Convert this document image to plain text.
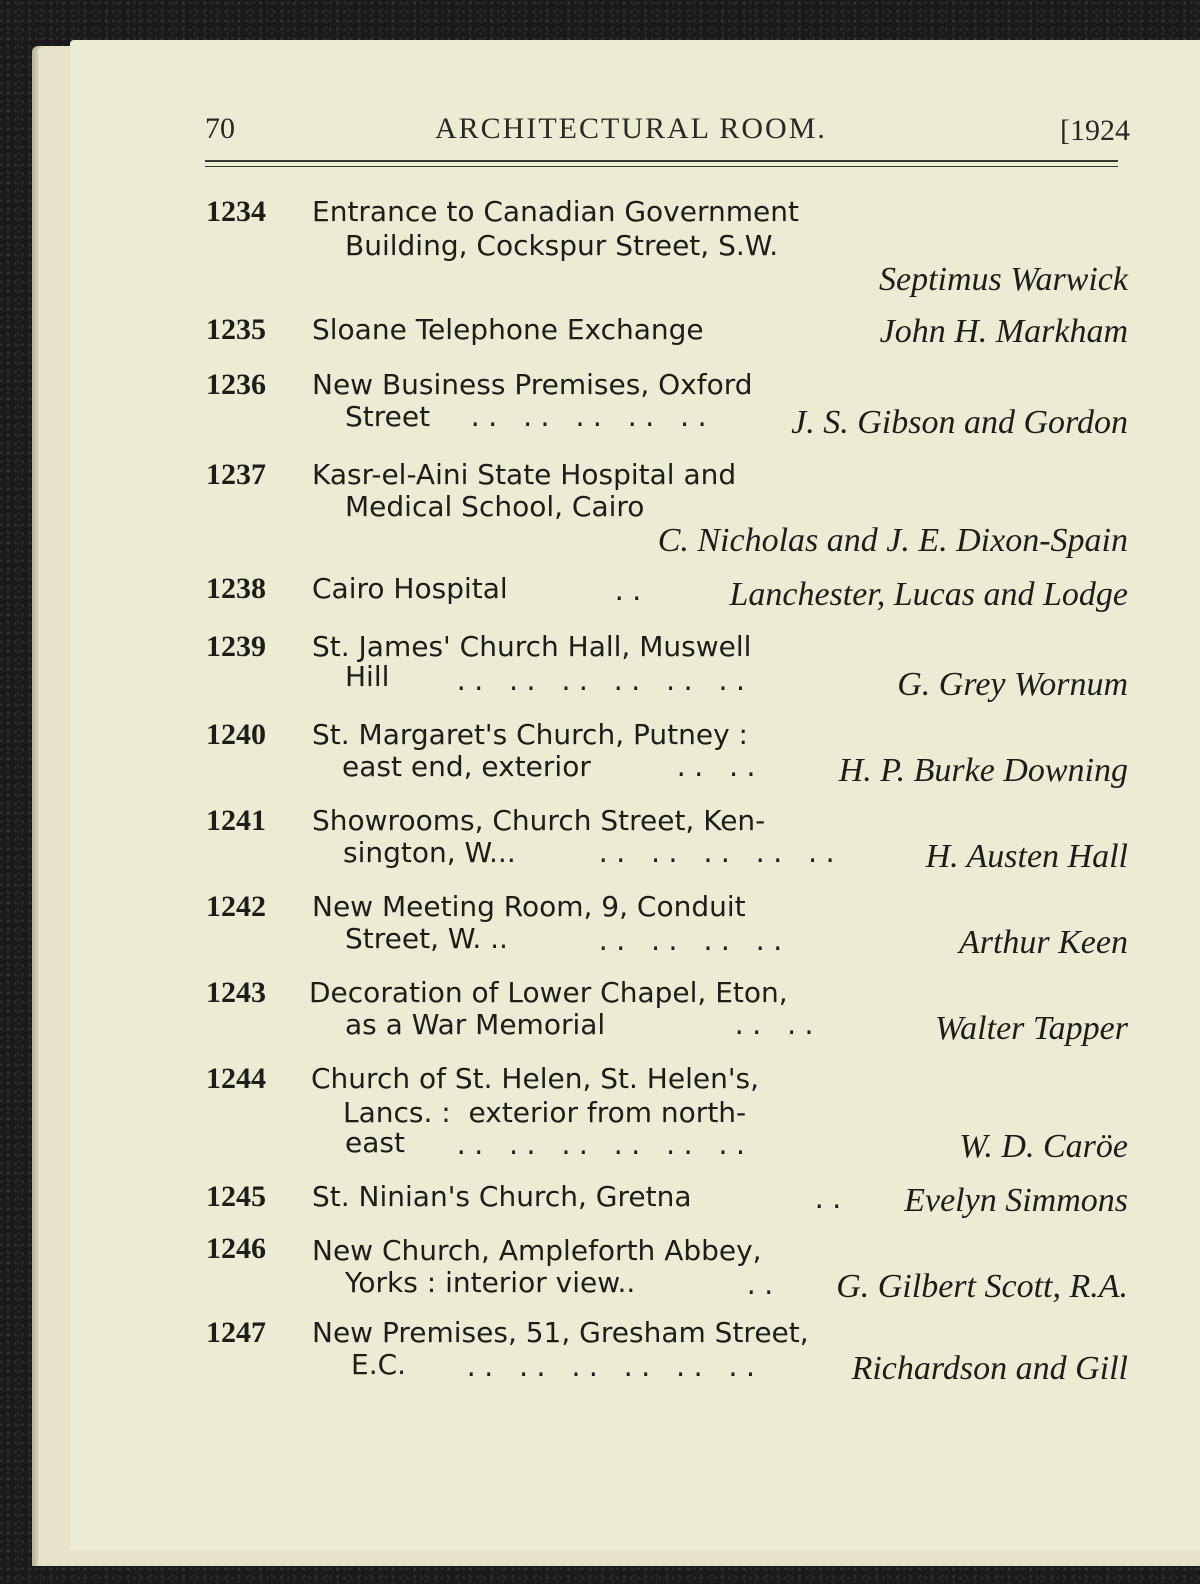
70	ARCHITECTURAL ROOM.	[1924
1234 Entrance to Canadian Government
Building, Cockspur Street, S.W.
Septimus Warwick
1235 Sloane Telephone Exchange	John H. Markham
1236 New Business Premises, Oxford
Street .. .. .. .. .. J. S. Gibson and Gordon
1237 Kasr-el-Aini State Hospital and
Medical School, Cairo
C. Nicholas and J. E. Dixon-Spain
1238 Cairo Hospital	.. Lanchester, Lucas and Lodge
1239 St. James' Church Hall, Muswell
Hill	.. .. .. .. .. ..	G. Grey Wornum
1240 St. Margaret's Church, Putney :
east end, exterior	.. .. H. P. Burke Downing
1241 Showrooms, Church Street, Ken-
sington, W...	.. .. .. .. ..	H. Austen Hall
1242 New Meeting Room, 9, Conduit
Street, W. ..	.. .. .. ..	Arthur Keen
1243 Decoration of Lower Chapel, Eton,
as a War Memorial	.. ..	Walter Tapper
1244 Church of St. Helen, St. Helen's,
Lancs. :  exterior from north-
east .. .. .. .. .. ..	W. D. Caröe
1245 St. Ninian's Church, Gretna	.. Evelyn Simmons
1246 New Church, Ampleforth Abbey,
Yorks : interior view..	.. G. Gilbert Scott, R.A.
1247 New Premises, 51, Gresham Street,
E.C. .. .. .. .. .. ..	Richardson and Gill
